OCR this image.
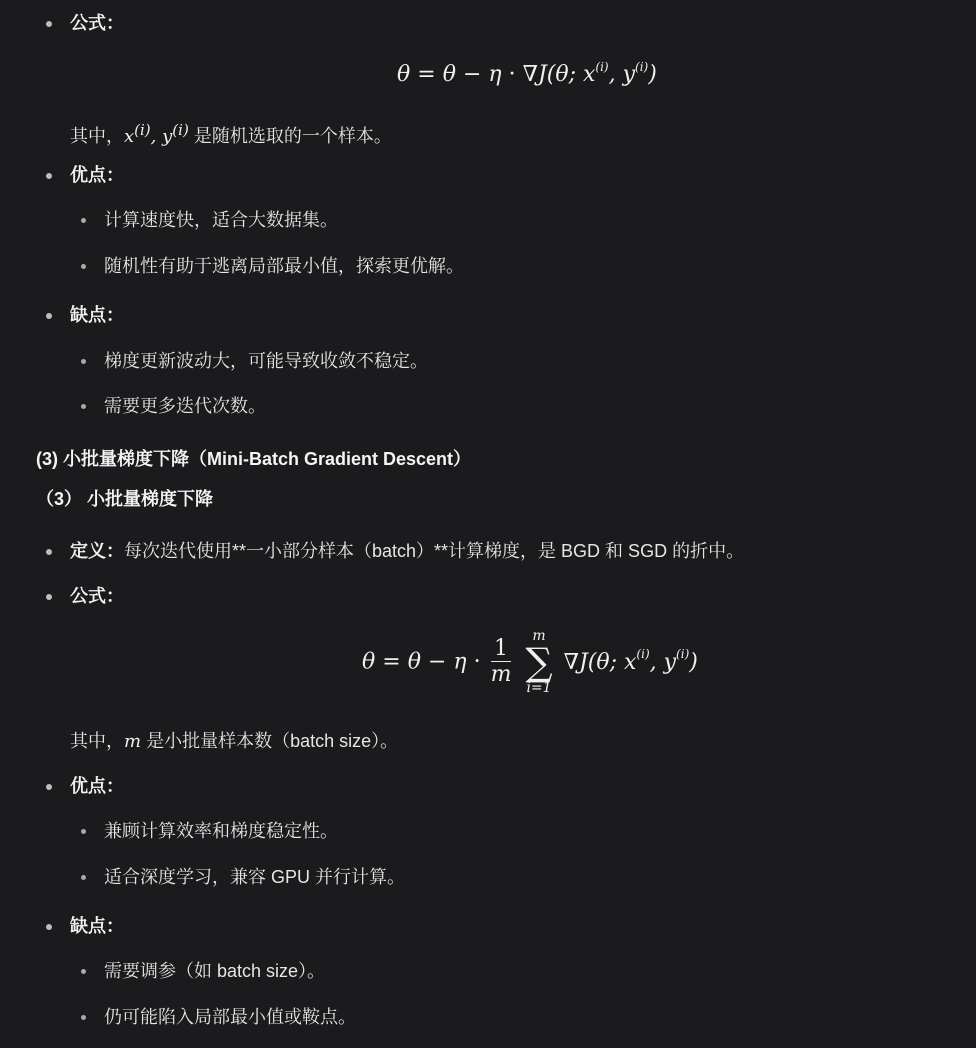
公式：
θ = θ − η · ∇J(θ; $x^{(i)}$, $y^{(i)}$)
其中，$x^{(i)}$, $y^{(i)}$ 是随机选取的一个样本。
优点：
计算速度快，适合大数据集。
随机性有助于逃离局部最小值，探索更优解。
缺点：
梯度更新波动大，可能导致收敛不稳定。
需要更多迭代次数。
(3) 小批量梯度下降（Mini-Batch Gradient Descent）
（3） 小批量梯度下降
定义：每次迭代使用**一小部分样本（batch）**计算梯度，是 BGD 和 SGD 的折中。
公式：
$\theta = \theta - \eta \cdot \frac{1}{m}$

m
∑
i=1
∇J(θ; $x^{(i)}$, $y^{(i)}$)
其中，m 是小批量样本数（batch size）。
优点：
兼顾计算效率和梯度稳定性。
适合深度学习，兼容 GPU 并行计算。
缺点：
需要调参（如 batch size）。
仍可能陷入局部最小值或鞍点。
